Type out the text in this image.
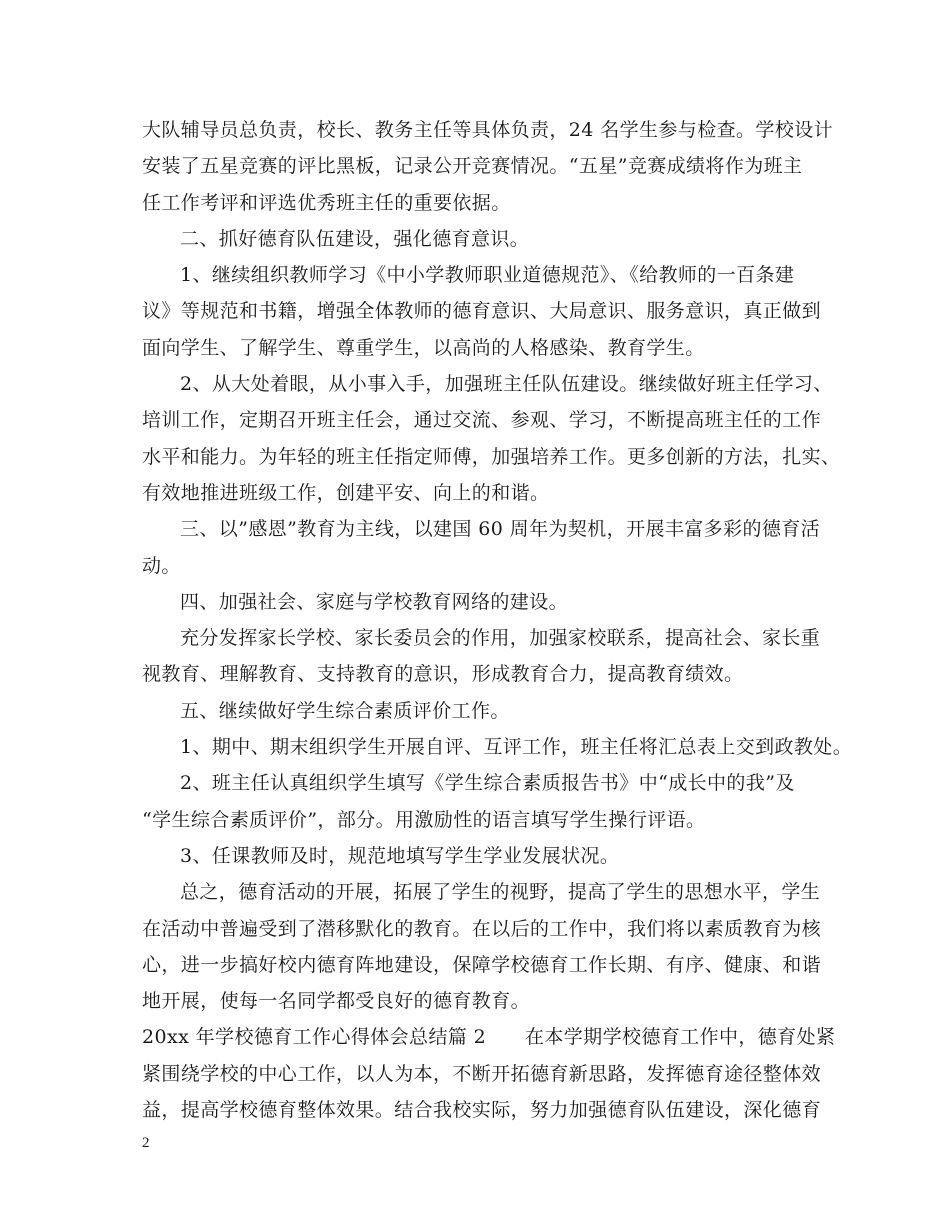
大队辅导员总负责，校长、教务主任等具体负责，24 名学生参与检查。学校设计
安装了五星竞赛的评比黑板，记录公开竞赛情况。“五星”竞赛成绩将作为班主
任工作考评和评选优秀班主任的重要依据。
二、抓好德育队伍建设，强化德育意识。
1、继续组织教师学习《中小学教师职业道德规范》、《给教师的一百条建
议》等规范和书籍，增强全体教师的德育意识、大局意识、服务意识，真正做到
面向学生、了解学生、尊重学生，以高尚的人格感染、教育学生。
2、从大处着眼，从小事入手，加强班主任队伍建设。继续做好班主任学习、
培训工作，定期召开班主任会，通过交流、参观、学习，不断提高班主任的工作
水平和能力。为年轻的班主任指定师傅，加强培养工作。更多创新的方法，扎实、
有效地推进班级工作，创建平安、向上的和谐。
三、以”感恩”教育为主线，以建国 60 周年为契机，开展丰富多彩的德育活
动。
四、加强社会、家庭与学校教育网络的建设。
充分发挥家长学校、家长委员会的作用，加强家校联系，提高社会、家长重
视教育、理解教育、支持教育的意识，形成教育合力，提高教育绩效。
五、继续做好学生综合素质评价工作。
1、期中、期末组织学生开展自评、互评工作，班主任将汇总表上交到政教处。
2、班主任认真组织学生填写《学生综合素质报告书》中“成长中的我”及
“学生综合素质评价”，部分。用激励性的语言填写学生操行评语。
3、任课教师及时，规范地填写学生学业发展状况。
总之，德育活动的开展，拓展了学生的视野，提高了学生的思想水平，学生
在活动中普遍受到了潜移默化的教育。在以后的工作中，我们将以素质教育为核
心，进一步搞好校内德育阵地建设，保障学校德育工作长期、有序、健康、和谐
地开展，使每一名同学都受良好的德育教育。
20xx 年学校德育工作心得体会总结篇 2　　在本学期学校德育工作中，德育处紧
紧围绕学校的中心工作，以人为本，不断开拓德育新思路，发挥德育途径整体效
益，提高学校德育整体效果。结合我校实际，努力加强德育队伍建设，深化德育
2
